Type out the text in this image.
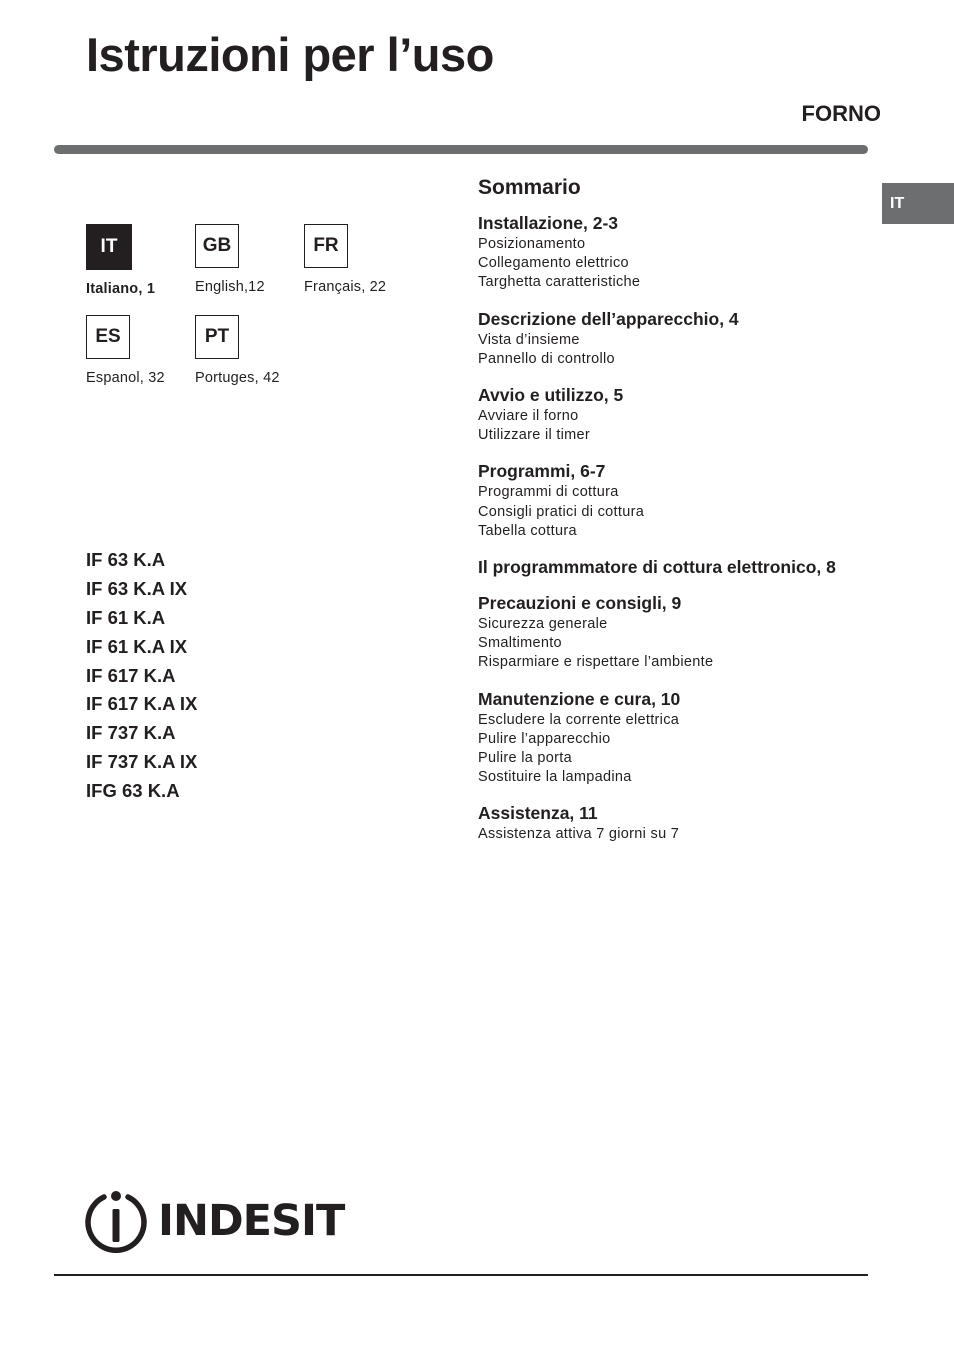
Istruzioni per l’uso
FORNO
IT
IT
Italiano, 1
GB
English,12
FR
Français, 22
ES
Espanol, 32
PT
Portuges, 42
IF 63 K.A
IF 63 K.A IX
IF 61 K.A
IF 61 K.A IX
IF 617 K.A
IF 617 K.A IX
IF 737 K.A
IF 737 K.A IX
IFG 63 K.A
Sommario
Installazione, 2-3
Posizionamento
Collegamento elettrico
Targhetta caratteristiche
Descrizione dell’apparecchio, 4
Vista d’insieme
Pannello di controllo
Avvio e utilizzo, 5
Avviare il forno
Utilizzare il timer
Programmi, 6-7
Programmi di cottura
Consigli pratici di cottura
Tabella cottura
Il programmmatore di cottura elettronico, 8
Precauzioni e consigli, 9
Sicurezza generale
Smaltimento
Risparmiare e rispettare l’ambiente
Manutenzione e cura, 10
Escludere la corrente elettrica
Pulire l’apparecchio
Pulire la porta
Sostituire la lampadina
Assistenza, 11
Assistenza attiva 7 giorni su 7
INDESIT
